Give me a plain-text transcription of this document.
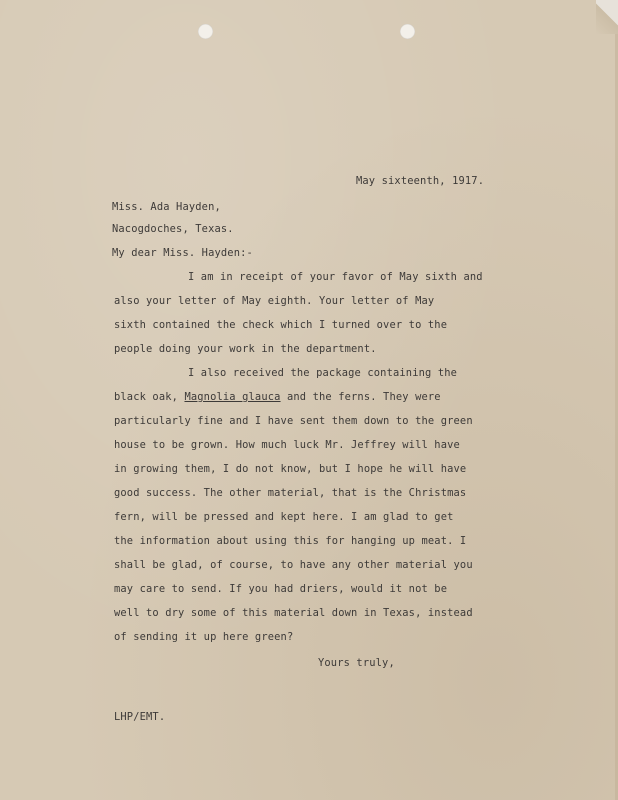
May sixteenth, 1917.
Miss. Ada Hayden,
Nacogdoches, Texas.
My dear Miss. Hayden:-
I am in receipt of your favor of May sixth and
also your letter of May eighth. Your letter of May
sixth contained the check which I turned over to the
people doing your work in the department.
I also received the package containing the
black oak, Magnolia glauca and the ferns. They were
particularly fine and I have sent them down to the green
house to be grown. How much luck Mr. Jeffrey will have
in growing them, I do not know, but I hope he will have
good success. The other material, that is the Christmas
fern, will be pressed and kept here. I am glad to get
the information about using this for hanging up meat. I
shall be glad, of course, to have any other material you
may care to send. If you had driers, would it not be
well to dry some of this material down in Texas, instead
of sending it up here green?
Yours truly,
LHP/EMT.
